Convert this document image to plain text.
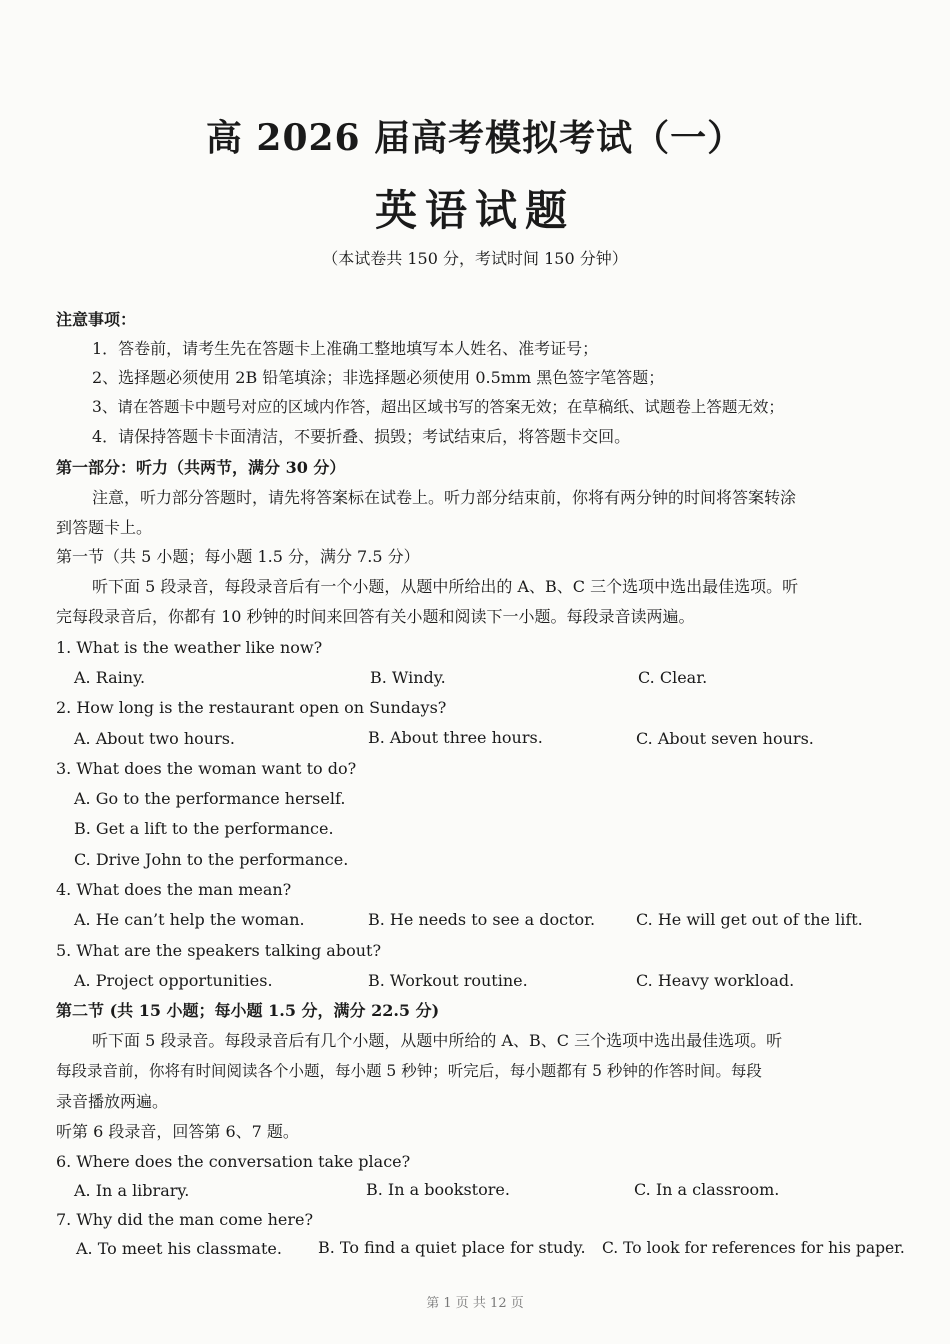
高 2026 届高考模拟考试（一）
英语试题
（本试卷共 150 分，考试时间 150 分钟）
注意事项：
1．答卷前，请考生先在答题卡上准确工整地填写本人姓名、准考证号；
2、选择题必须使用 2B 铅笔填涂；非选择题必须使用 0.5mm 黑色签字笔答题；
3、请在答题卡中题号对应的区域内作答，超出区域书写的答案无效；在草稿纸、试题卷上答题无效；
4．请保持答题卡卡面清洁，不要折叠、损毁；考试结束后，将答题卡交回。
第一部分：听力（共两节，满分 30 分）
注意，听力部分答题时，请先将答案标在试卷上。听力部分结束前，你将有两分钟的时间将答案转涂
到答题卡上。
第一节（共 5 小题；每小题 1.5 分，满分 7.5 分）
听下面 5 段录音，每段录音后有一个小题，从题中所给出的 A、B、C 三个选项中选出最佳选项。听
完每段录音后，你都有 10 秒钟的时间来回答有关小题和阅读下一小题。每段录音读两遍。
1. What is the weather like now?
A. Rainy.	B. Windy.	C. Clear.
2. How long is the restaurant open on Sundays?
A. About two hours.	B. About three hours.	C. About seven hours.
3. What does the woman want to do?
A. Go to the performance herself.
B. Get a lift to the performance.
C. Drive John to the performance.
4. What does the man mean?
A. He can’t help the woman.	B. He needs to see a doctor.	C. He will get out of the lift.
5. What are the speakers talking about?
A. Project opportunities.	B. Workout routine.	C. Heavy workload.
第二节 (共 15 小题；每小题 1.5 分，满分 22.5 分)
听下面 5 段录音。每段录音后有几个小题，从题中所给的 A、B、C 三个选项中选出最佳选项。听
每段录音前，你将有时间阅读各个小题，每小题 5 秒钟；听完后，每小题都有 5 秒钟的作答时间。每段
录音播放两遍。
听第 6 段录音，回答第 6、7 题。
6. Where does the conversation take place?
A. In a library.	B. In a bookstore.	C. In a classroom.
7. Why did the man come here?
A. To meet his classmate. B. To find a quiet place for study. C. To look for references for his paper.
第 1 页 共 12 页
